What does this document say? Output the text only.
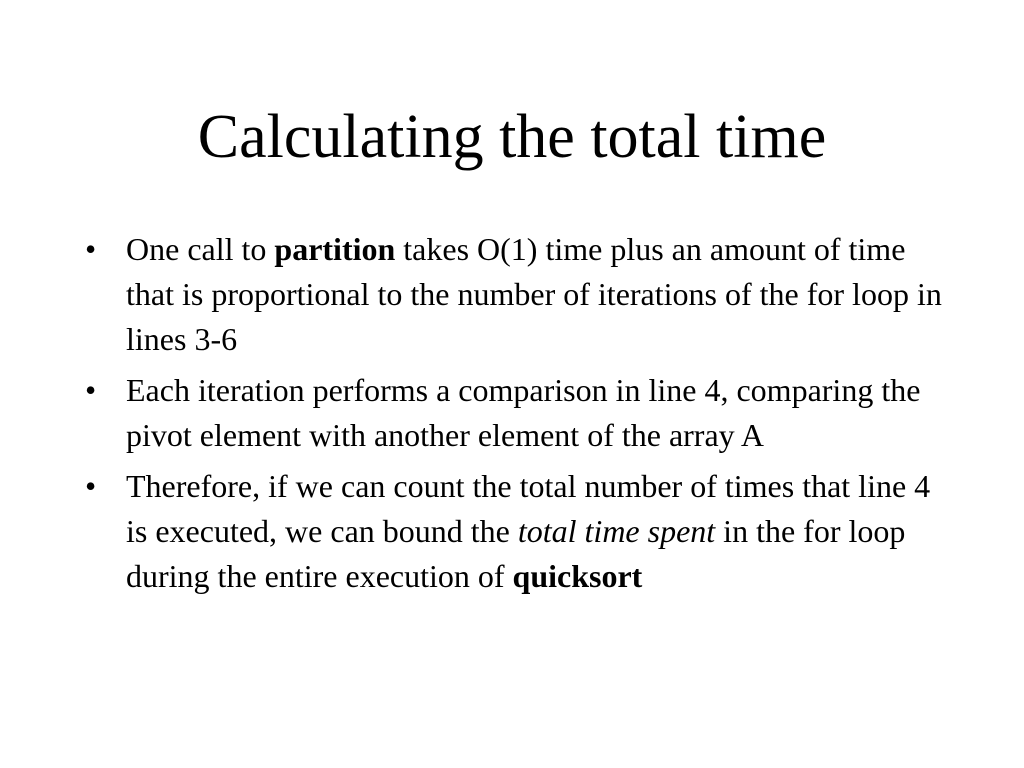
Calculating the total time
• One call to partition takes O(1) time plus an amount of time that is proportional to the number of iterations of the for loop in lines 3-6
• Each iteration performs a comparison in line 4, comparing the pivot element with another element of the array A
• Therefore, if we can count the total number of times that line 4 is executed, we can bound the total time spent in the for loop during the entire execution of quicksort
